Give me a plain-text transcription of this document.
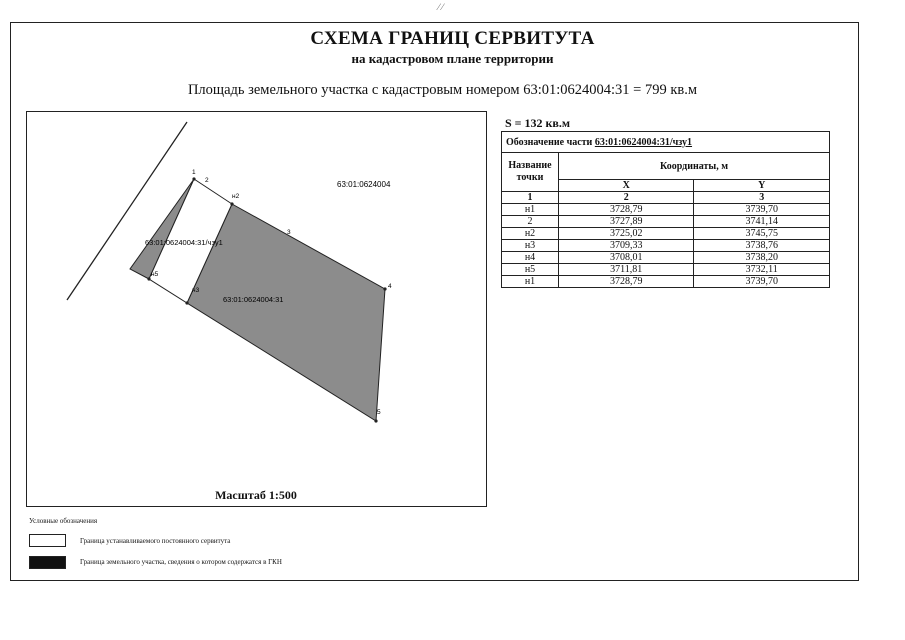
⁄ ⁄
СХЕМА ГРАНИЦ СЕРВИТУТА
на кадастровом плане территории
Площадь земельного участка с кадастровым номером 63:01:0624004:31 = 799 кв.м
1
2
н2
3
4
5
н3
н5
63:01:0624004
63:01:0624004:31/чзу1
63:01:0624004:31
Масштаб 1:500
S = 132 кв.м
Обозначение части 63:01:0624004:31/чзу1		
Название точки	Координаты, м	
	X	Y
1	2	3
н1	3728,79	3739,70
2	3727,89	3741,14
н2	3725,02	3745,75
н3	3709,33	3738,76
н4	3708,01	3738,20
н5	3711,81	3732,11
н1	3728,79	3739,70
Условные обозначения
Граница устанавливаемого постоянного сервитута
Граница земельного участка, сведения о котором содержатся в ГКН
